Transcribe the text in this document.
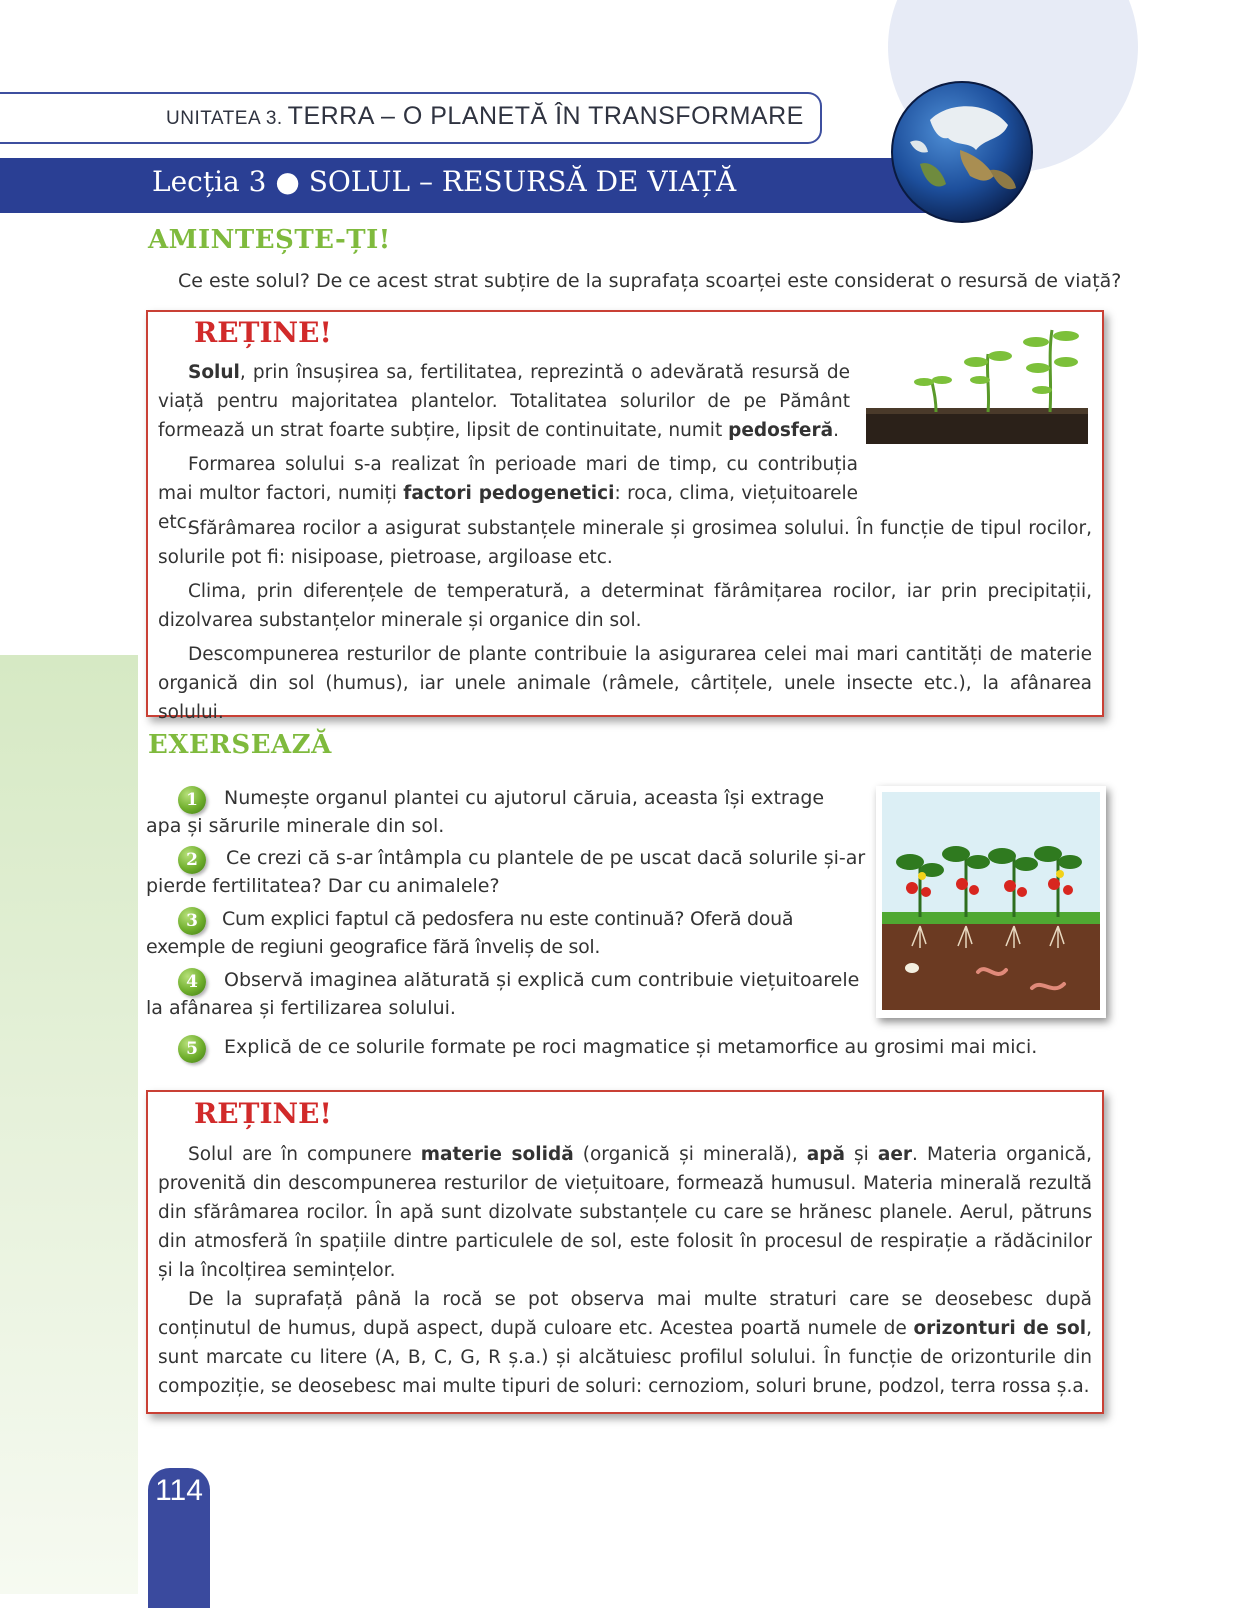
UNITATEA 3. TERRA – O PLANETĂ ÎN TRANSFORMARE
Lecția 3 ● SOLUL – RESURSĂ DE VIAȚĂ
AMINTEȘTE-ȚI!
Ce este solul? De ce acest strat subțire de la suprafața scoarței este considerat o resursă de viață?
REȚINE!

Solul, prin însușirea sa, fertilitatea, reprezintă o adevărată resursă de viață pentru majoritatea plantelor. Totalitatea solurilor de pe Pământ formează un strat foarte subțire, lipsit de continuitate, numit pedosferă.

Formarea solului s-a realizat în perioade mari de timp, cu contribuția mai multor factori, numiți factori pedogenetici: roca, clima, viețuitoarele etc.

Sfărâmarea rocilor a asigurat substanțele minerale și grosimea solului. În funcție de tipul rocilor, solurile pot fi: nisipoase, pietroase, argiloase etc.

Clima, prin diferențele de temperatură, a determinat fărâmițarea rocilor, iar prin precipitații, dizolvarea substanțelor minerale și organice din sol.

Descompunerea resturilor de plante contribuie la asigurarea celei mai mari cantități de materie organică din sol (humus), iar unele animale (râmele, cârtițele, unele insecte etc.), la afânarea solului.

EXERSEAZĂ
1	Numește organul plantei cu ajutorul căruia, aceasta își extrage apa și sărurile minerale din sol.
2	Ce crezi că s-ar întâmpla cu plantele de pe uscat dacă solurile și-ar pierde fertilitatea? Dar cu animalele?
3	Cum explici faptul că pedosfera nu este continuă? Oferă două exemple de regiuni geografice fără înveliș de sol.
4	Observă imaginea alăturată și explică cum contribuie viețuitoarele la afânarea și fertilizarea solului.
5	Explică de ce solurile formate pe roci magmatice și metamorfice au grosimi mai mici.
REȚINE!

Solul are în compunere materie solidă (organică și minerală), apă și aer. Materia organică, provenită din descompunerea resturilor de viețuitoare, formează humusul. Materia minerală rezultă din sfărâmarea rocilor. În apă sunt dizolvate substanțele cu care se hrănesc planele. Aerul, pătruns din atmosferă în spațiile dintre particulele de sol, este folosit în procesul de respirație a rădăcinilor și la încolțirea semințelor.

De la suprafață până la rocă se pot observa mai multe straturi care se deosebesc după conținutul de humus, după aspect, după culoare etc. Acestea poartă numele de orizonturi de sol, sunt marcate cu litere (A, B, C, G, R ș.a.) și alcătuiesc profilul solului. În funcție de orizonturile din compoziție, se deosebesc mai multe tipuri de soluri: cernoziom, soluri brune, podzol, terra rossa ș.a.

114
